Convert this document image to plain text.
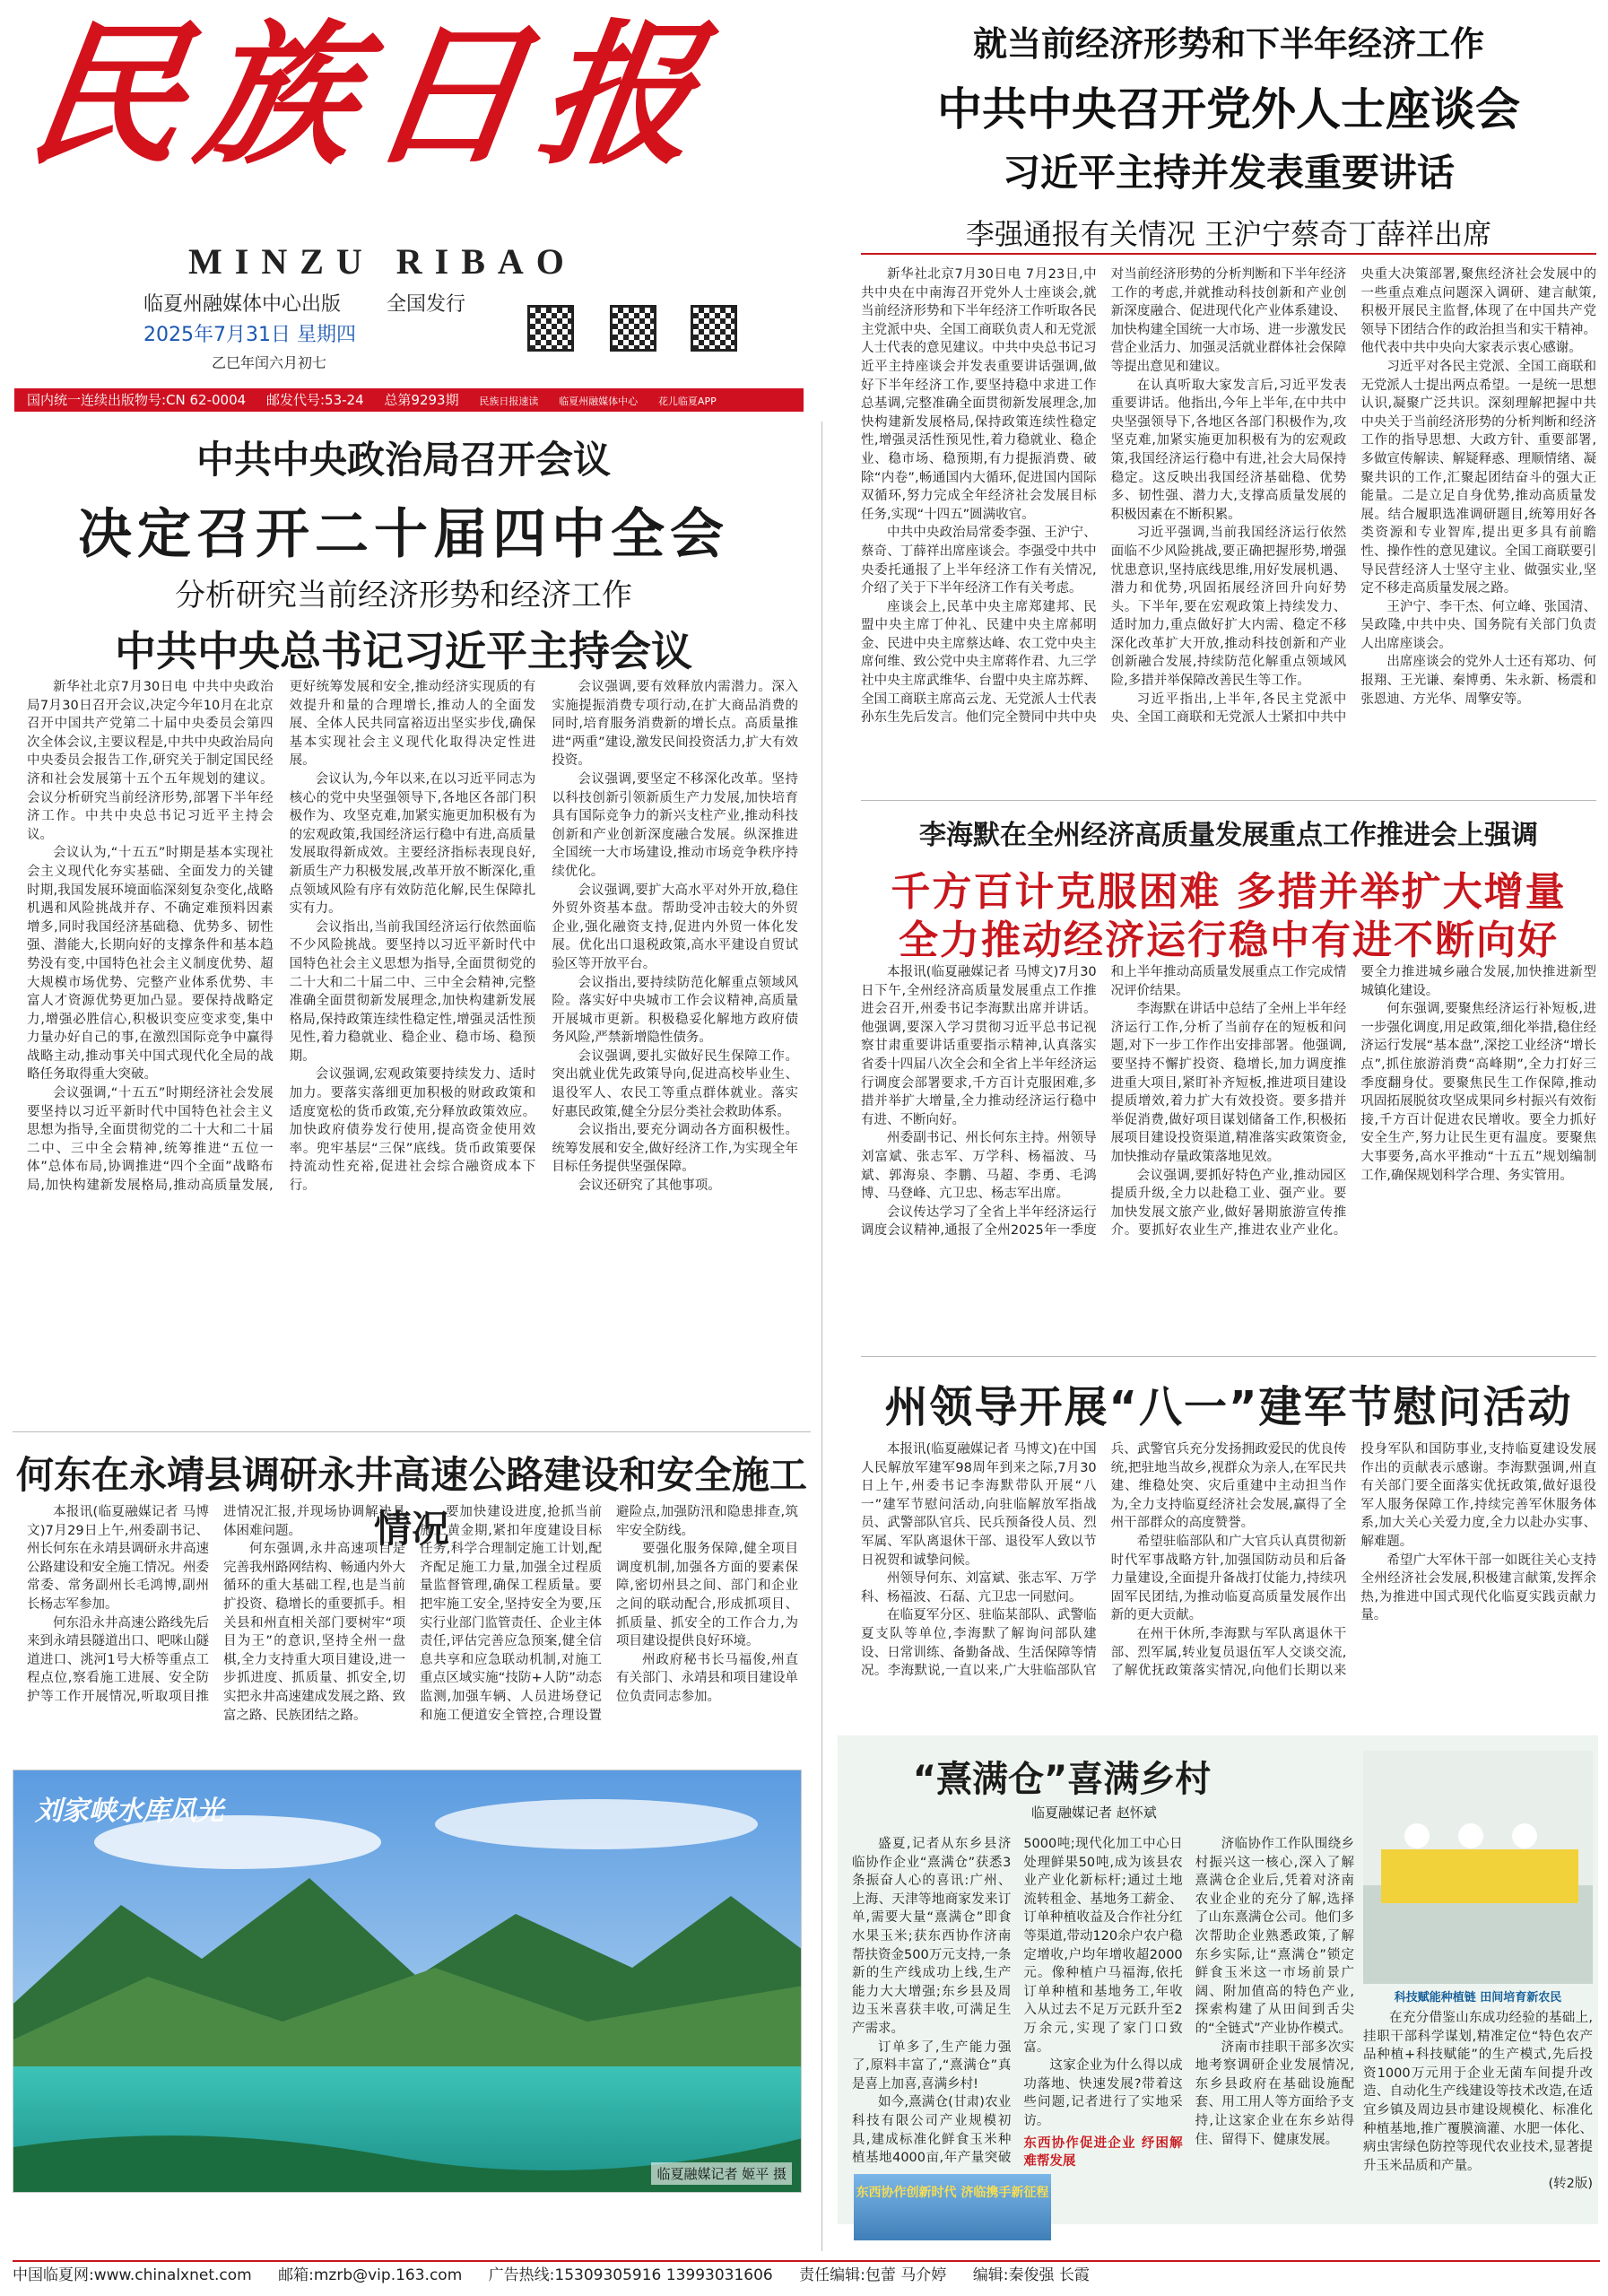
民族日报
MINZU RIBAO
临夏州融媒体中心出版 全国发行
2025年7月31日 星期四
乙巳年闰六月初七
国内统一连续出版物号:CN 62-0004 邮发代号:53-24 总第9293期 民族日报速读 临夏州融媒体中心 花儿临夏APP
就当前经济形势和下半年经济工作
中共中央召开党外人士座谈会
习近平主持并发表重要讲话
李强通报有关情况 王沪宁蔡奇丁薛祥出席

新华社北京7月30日电 7月23日,中共中央在中南海召开党外人士座谈会,就当前经济形势和下半年经济工作听取各民主党派中央、全国工商联负责人和无党派人士代表的意见建议。中共中央总书记习近平主持座谈会并发表重要讲话强调,做好下半年经济工作,要坚持稳中求进工作总基调,完整准确全面贯彻新发展理念,加快构建新发展格局,保持政策连续性稳定性,增强灵活性预见性,着力稳就业、稳企业、稳市场、稳预期,有力提振消费、破除“内卷”,畅通国内大循环,促进国内国际双循环,努力完成全年经济社会发展目标任务,实现“十四五”圆满收官。

中共中央政治局常委李强、王沪宁、蔡奇、丁薛祥出席座谈会。李强受中共中央委托通报了上半年经济工作有关情况,介绍了关于下半年经济工作有关考虑。

座谈会上,民革中央主席郑建邦、民盟中央主席丁仲礼、民建中央主席郝明金、民进中央主席蔡达峰、农工党中央主席何维、致公党中央主席蒋作君、九三学社中央主席武维华、台盟中央主席苏辉、全国工商联主席高云龙、无党派人士代表孙东生先后发言。他们完全赞同中共中央对当前经济形势的分析判断和下半年经济工作的考虑,并就推动科技创新和产业创新深度融合、促进现代化产业体系建设、加快构建全国统一大市场、进一步激发民营企业活力、加强灵活就业群体社会保障等提出意见和建议。

在认真听取大家发言后,习近平发表重要讲话。他指出,今年上半年,在中共中央坚强领导下,各地区各部门积极作为,攻坚克难,加紧实施更加积极有为的宏观政策,我国经济运行稳中有进,社会大局保持稳定。这反映出我国经济基础稳、优势多、韧性强、潜力大,支撑高质量发展的积极因素在不断积累。

习近平强调,当前我国经济运行依然面临不少风险挑战,要正确把握形势,增强忧患意识,坚持底线思维,用好发展机遇、潜力和优势,巩固拓展经济回升向好势头。下半年,要在宏观政策上持续发力、适时加力,重点做好扩大内需、稳定不移深化改革扩大开放,推动科技创新和产业创新融合发展,持续防范化解重点领域风险,多措并举保障改善民生等工作。

习近平指出,上半年,各民主党派中央、全国工商联和无党派人士紧扣中共中央重大决策部署,聚焦经济社会发展中的一些重点难点问题深入调研、建言献策,积极开展民主监督,体现了在中国共产党领导下团结合作的政治担当和实干精神。他代表中共中央向大家表示衷心感谢。

习近平对各民主党派、全国工商联和无党派人士提出两点希望。一是统一思想认识,凝聚广泛共识。深刻理解把握中共中央关于当前经济形势的分析判断和经济工作的指导思想、大政方针、重要部署,多做宣传解读、解疑释惑、理顺情绪、凝聚共识的工作,汇聚起团结奋斗的强大正能量。二是立足自身优势,推动高质量发展。结合履职选准调研题目,统筹用好各类资源和专业智库,提出更多具有前瞻性、操作性的意见建议。全国工商联要引导民营经济人士坚守主业、做强实业,坚定不移走高质量发展之路。

王沪宁、李干杰、何立峰、张国清、吴政隆,中共中央、国务院有关部门负责人出席座谈会。

出席座谈会的党外人士还有郑功、何报翔、王光谦、秦博勇、朱永新、杨震和张恩迪、方光华、周擎安等。

中共中央政治局召开会议
决定召开二十届四中全会
分析研究当前经济形势和经济工作
中共中央总书记习近平主持会议

新华社北京7月30日电 中共中央政治局7月30日召开会议,决定今年10月在北京召开中国共产党第二十届中央委员会第四次全体会议,主要议程是,中共中央政治局向中央委员会报告工作,研究关于制定国民经济和社会发展第十五个五年规划的建议。会议分析研究当前经济形势,部署下半年经济工作。中共中央总书记习近平主持会议。

会议认为,“十五五”时期是基本实现社会主义现代化夯实基础、全面发力的关键时期,我国发展环境面临深刻复杂变化,战略机遇和风险挑战并存、不确定难预料因素增多,同时我国经济基础稳、优势多、韧性强、潜能大,长期向好的支撑条件和基本趋势没有变,中国特色社会主义制度优势、超大规模市场优势、完整产业体系优势、丰富人才资源优势更加凸显。要保持战略定力,增强必胜信心,积极识变应变求变,集中力量办好自己的事,在激烈国际竞争中赢得战略主动,推动事关中国式现代化全局的战略任务取得重大突破。

会议强调,“十五五”时期经济社会发展要坚持以习近平新时代中国特色社会主义思想为指导,全面贯彻党的二十大和二十届二中、三中全会精神,统筹推进“五位一体”总体布局,协调推进“四个全面”战略布局,加快构建新发展格局,推动高质量发展,更好统筹发展和安全,推动经济实现质的有效提升和量的合理增长,推动人的全面发展、全体人民共同富裕迈出坚实步伐,确保基本实现社会主义现代化取得决定性进展。

会议认为,今年以来,在以习近平同志为核心的党中央坚强领导下,各地区各部门积极作为、攻坚克难,加紧实施更加积极有为的宏观政策,我国经济运行稳中有进,高质量发展取得新成效。主要经济指标表现良好,新质生产力积极发展,改革开放不断深化,重点领域风险有序有效防范化解,民生保障扎实有力。

会议指出,当前我国经济运行依然面临不少风险挑战。要坚持以习近平新时代中国特色社会主义思想为指导,全面贯彻党的二十大和二十届二中、三中全会精神,完整准确全面贯彻新发展理念,加快构建新发展格局,保持政策连续性稳定性,增强灵活性预见性,着力稳就业、稳企业、稳市场、稳预期。

会议强调,宏观政策要持续发力、适时加力。要落实落细更加积极的财政政策和适度宽松的货币政策,充分释放政策效应。加快政府债券发行使用,提高资金使用效率。兜牢基层“三保”底线。货币政策要保持流动性充裕,促进社会综合融资成本下行。

会议强调,要有效释放内需潜力。深入实施提振消费专项行动,在扩大商品消费的同时,培育服务消费新的增长点。高质量推进“两重”建设,激发民间投资活力,扩大有效投资。

会议强调,要坚定不移深化改革。坚持以科技创新引领新质生产力发展,加快培育具有国际竞争力的新兴支柱产业,推动科技创新和产业创新深度融合发展。纵深推进全国统一大市场建设,推动市场竞争秩序持续优化。

会议强调,要扩大高水平对外开放,稳住外贸外资基本盘。帮助受冲击较大的外贸企业,强化融资支持,促进内外贸一体化发展。优化出口退税政策,高水平建设自贸试验区等开放平台。

会议指出,要持续防范化解重点领域风险。落实好中央城市工作会议精神,高质量开展城市更新。积极稳妥化解地方政府债务风险,严禁新增隐性债务。

会议强调,要扎实做好民生保障工作。突出就业优先政策导向,促进高校毕业生、退役军人、农民工等重点群体就业。落实好惠民政策,健全分层分类社会救助体系。

会议指出,要充分调动各方面积极性。统筹发展和安全,做好经济工作,为实现全年目标任务提供坚强保障。

会议还研究了其他事项。

李海默在全州经济高质量发展重点工作推进会上强调
千方百计克服困难 多措并举扩大增量
全力推动经济运行稳中有进不断向好

本报讯(临夏融媒记者 马博文)7月30日下午,全州经济高质量发展重点工作推进会召开,州委书记李海默出席并讲话。他强调,要深入学习贯彻习近平总书记视察甘肃重要讲话重要指示精神,认真落实省委十四届八次全会和全省上半年经济运行调度会部署要求,千方百计克服困难,多措并举扩大增量,全力推动经济运行稳中有进、不断向好。

州委副书记、州长何东主持。州领导刘富斌、张志军、万学科、杨福波、马斌、郭海泉、李鹏、马超、李勇、毛鸿博、马登峰、亢卫忠、杨志军出席。

会议传达学习了全省上半年经济运行调度会议精神,通报了全州2025年一季度和上半年推动高质量发展重点工作完成情况评价结果。

李海默在讲话中总结了全州上半年经济运行工作,分析了当前存在的短板和问题,对下一步工作作出安排部署。他强调,要坚持不懈扩投资、稳增长,加力调度推进重大项目,紧盯补齐短板,推进项目建设提质增效,着力扩大有效投资。要多措并举促消费,做好项目谋划储备工作,积极拓展项目建设投资渠道,精准落实政策资金,加快推动存量政策落地见效。

会议强调,要抓好特色产业,推动园区提质升级,全力以赴稳工业、强产业。要加快发展文旅产业,做好暑期旅游宣传推介。要抓好农业生产,推进农业产业化。要全力推进城乡融合发展,加快推进新型城镇化建设。

何东强调,要聚焦经济运行补短板,进一步强化调度,用足政策,细化举措,稳住经济运行发展“基本盘”,深挖工业经济“增长点”,抓住旅游消费“高峰期”,全力打好三季度翻身仗。要聚焦民生工作保障,推动巩固拓展脱贫攻坚成果同乡村振兴有效衔接,千方百计促进农民增收。要全力抓好安全生产,努力让民生更有温度。要聚焦大事要务,高水平推动“十五五”规划编制工作,确保规划科学合理、务实管用。

州领导开展“八一”建军节慰问活动

本报讯(临夏融媒记者 马博文)在中国人民解放军建军98周年到来之际,7月30日上午,州委书记李海默带队开展“八一”建军节慰问活动,向驻临解放军指战员、武警部队官兵、民兵预备役人员、烈军属、军队离退休干部、退役军人致以节日祝贺和诚挚问候。

州领导何东、刘富斌、张志军、万学科、杨福波、石磊、亢卫忠一同慰问。

在临夏军分区、驻临某部队、武警临夏支队等单位,李海默了解询问部队建设、日常训练、备勤备战、生活保障等情况。李海默说,一直以来,广大驻临部队官兵、武警官兵充分发扬拥政爱民的优良传统,把驻地当故乡,视群众为亲人,在军民共建、维稳处突、灾后重建中主动担当作为,全力支持临夏经济社会发展,赢得了全州干部群众的高度赞誉。

希望驻临部队和广大官兵认真贯彻新时代军事战略方针,加强国防动员和后备力量建设,全面提升备战打仗能力,持续巩固军民团结,为推动临夏高质量发展作出新的更大贡献。

在州干休所,李海默与军队离退休干部、烈军属,转业复员退伍军人交谈交流,了解优抚政策落实情况,向他们长期以来投身军队和国防事业,支持临夏建设发展作出的贡献表示感谢。李海默强调,州直有关部门要全面落实优抚政策,做好退役军人服务保障工作,持续完善军休服务体系,加大关心关爱力度,全力以赴办实事、解难题。

希望广大军休干部一如既往关心支持全州经济社会发展,积极建言献策,发挥余热,为推进中国式现代化临夏实践贡献力量。

何东在永靖县调研永井高速公路建设和安全施工情况

本报讯(临夏融媒记者 马博文)7月29日上午,州委副书记、州长何东在永靖县调研永井高速公路建设和安全施工情况。州委常委、常务副州长毛鸿博,副州长杨志军参加。

何东沿永井高速公路线先后来到永靖县隧道出口、吧咪山隧道进口、洮河1号大桥等重点工程点位,察看施工进展、安全防护等工作开展情况,听取项目推进情况汇报,并现场协调解决具体困难问题。

何东强调,永井高速项目是完善我州路网结构、畅通内外大循环的重大基础工程,也是当前扩投资、稳增长的重要抓手。相关县和州直相关部门要树牢“项目为王”的意识,坚持全州一盘棋,全力支持重大项目建设,进一步抓进度、抓质量、抓安全,切实把永井高速建成发展之路、致富之路、民族团结之路。

要加快建设进度,抢抓当前施工黄金期,紧扣年度建设目标任务,科学合理制定施工计划,配齐配足施工力量,加强全过程质量监督管理,确保工程质量。要把牢施工安全,坚持安全为要,压实行业部门监管责任、企业主体责任,评估完善应急预案,健全信息共享和应急联动机制,对施工重点区域实施“技防+人防”动态监测,加强车辆、人员进场登记和施工便道安全管控,合理设置避险点,加强防汛和隐患排查,筑牢安全防线。

要强化服务保障,健全项目调度机制,加强各方面的要素保障,密切州县之间、部门和企业之间的联动配合,形成抓项目、抓质量、抓安全的工作合力,为项目建设提供良好环境。

州政府秘书长马福俊,州直有关部门、永靖县和项目建设单位负责同志参加。

刘家峡水库风光
临夏融媒记者 姬平 摄
“熹满仓”喜满乡村
临夏融媒记者 赵怀斌

盛夏,记者从东乡县济临协作企业“熹满仓”获悉3条振奋人心的喜讯:广州、上海、天津等地商家发来订单,需要大量“熹满仓”即食水果玉米;获东西协作济南帮扶资金500万元支持,一条新的生产线成功上线,生产能力大大增强;东乡县及周边玉米喜获丰收,可满足生产需求。

订单多了,生产能力强了,原料丰富了,“熹满仓”真是喜上加喜,喜满乡村!

如今,熹满仓(甘肃)农业科技有限公司产业规模初具,建成标准化鲜食玉米种植基地4000亩,年产量突破5000吨;现代化加工中心日处理鲜果50吨,成为该县农业产业化新标杆;通过土地流转租金、基地务工薪金、订单种植收益及合作社分红等渠道,带动120余户农户稳定增收,户均年增收超2000元。像种植户马福海,依托订单种植和基地务工,年收入从过去不足万元跃升至2万余元,实现了家门口致富。

这家企业为什么得以成功落地、快速发展?带着这些问题,记者进行了实地采访。

东西协作促进企业 纾困解难帮发展

济临协作工作队围绕乡村振兴这一核心,深入了解熹满仓企业后,凭着对济南农业企业的充分了解,选择了山东熹满仓公司。他们多次帮助企业熟悉政策,了解东乡实际,让“熹满仓”锁定鲜食玉米这一市场前景广阔、附加值高的特色产业,探索构建了从田间到舌尖的“全链式”产业协作模式。

济南市挂职干部多次实地考察调研企业发展情况,东乡县政府在基础设施配套、用工用人等方面给予支持,让这家企业在东乡站得住、留得下、健康发展。

科技赋能种植链 田间培育新农民

在充分借鉴山东成功经验的基础上,挂职干部科学谋划,精准定位“特色农产品种植+科技赋能”的生产模式,先后投资1000万元用于企业无菌车间提升改造、自动化生产线建设等技术改造,在适宜乡镇及周边县市建设规模化、标准化种植基地,推广覆膜滴灌、水肥一体化、病虫害绿色防控等现代农业技术,显著提升玉米品质和产量。

(转2版)

东西协作创新时代 济临携手新征程
中国临夏网:www.chinalxnet.com 邮箱:mzrb@vip.163.com 广告热线:15309305916 13993031606 责任编辑:包蕾 马介婷 编辑:秦俊强 长霞
